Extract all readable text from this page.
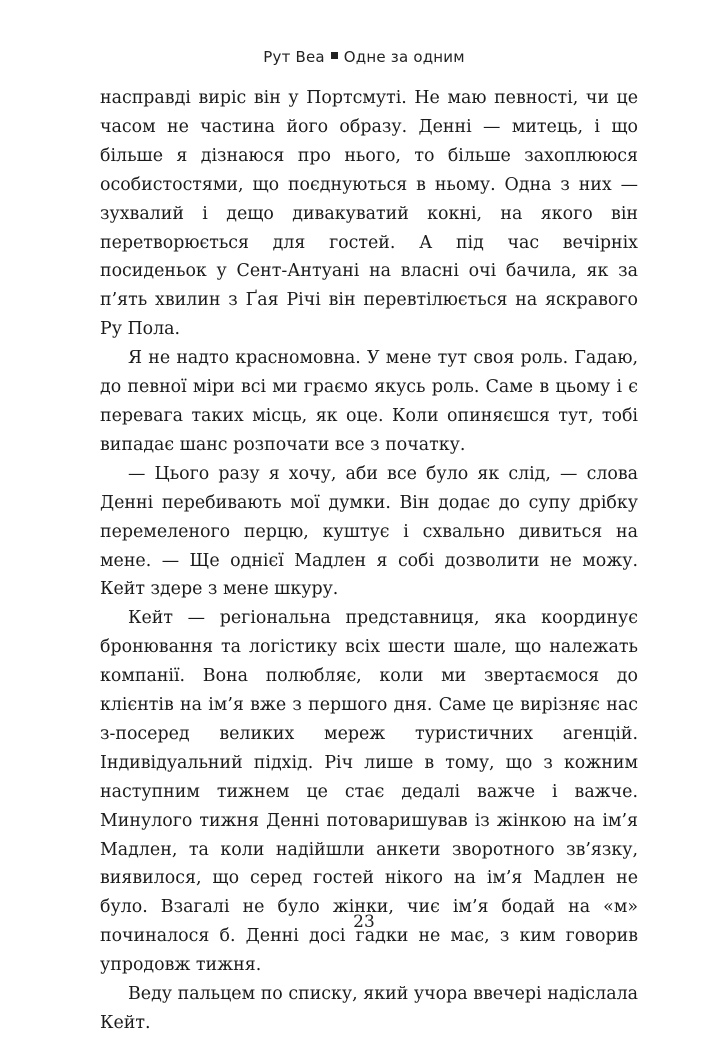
Рут Веа Одне за одним

насправді виріс він у Портсмуті. Не маю певності, чи це часом не частина його образу. Денні — митець, і що більше я дізнаюся про нього, то більше захоплююся особистостями, що поєднуються в ньому. Одна з них — зухвалий і дещо дивакуватий кокні, на якого він перетворюється для гостей. А під час вечірніх посиденьок у Сент-Антуані на власні очі бачила, як за п’ять хвилин з Ґая Річі він перевтілюється на яскравого Ру Пола.

Я не надто красномовна. У мене тут своя роль. Гадаю, до певної міри всі ми граємо якусь роль. Саме в цьому і є перевага таких місць, як оце. Коли опиняєшся тут, тобі випадає шанс розпочати все з початку.

— Цього разу я хочу, аби все було як слід, — слова Денні перебивають мої думки. Він додає до супу дрібку перемеленого перцю, куштує і схвально дивиться на мене. — Ще однієї Мадлен я собі дозволити не можу. Кейт здере з мене шкуру.

Кейт — регіональна представниця, яка координує бронювання та логістику всіх шести шале, що належать компанії. Вона полюбляє, коли ми звертаємося до клієнтів на ім’я вже з першого дня. Саме це вирізняє нас з-посеред великих мереж туристичних агенцій. Індивідуальний підхід. Річ лише в тому, що з кожним наступним тижнем це стає дедалі важче і важче. Минулого тижня Денні потоваришував із жінкою на ім’я Мадлен, та коли надійшли анкети зворотного зв’язку, виявилося, що серед гостей нікого на ім’я Мадлен не було. Взагалі не було жінки, чиє ім’я бодай на «м» починалося б. Денні досі гадки не має, з ким говорив упродовж тижня.

Веду пальцем по списку, який учора ввечері надіслала Кейт.

23
